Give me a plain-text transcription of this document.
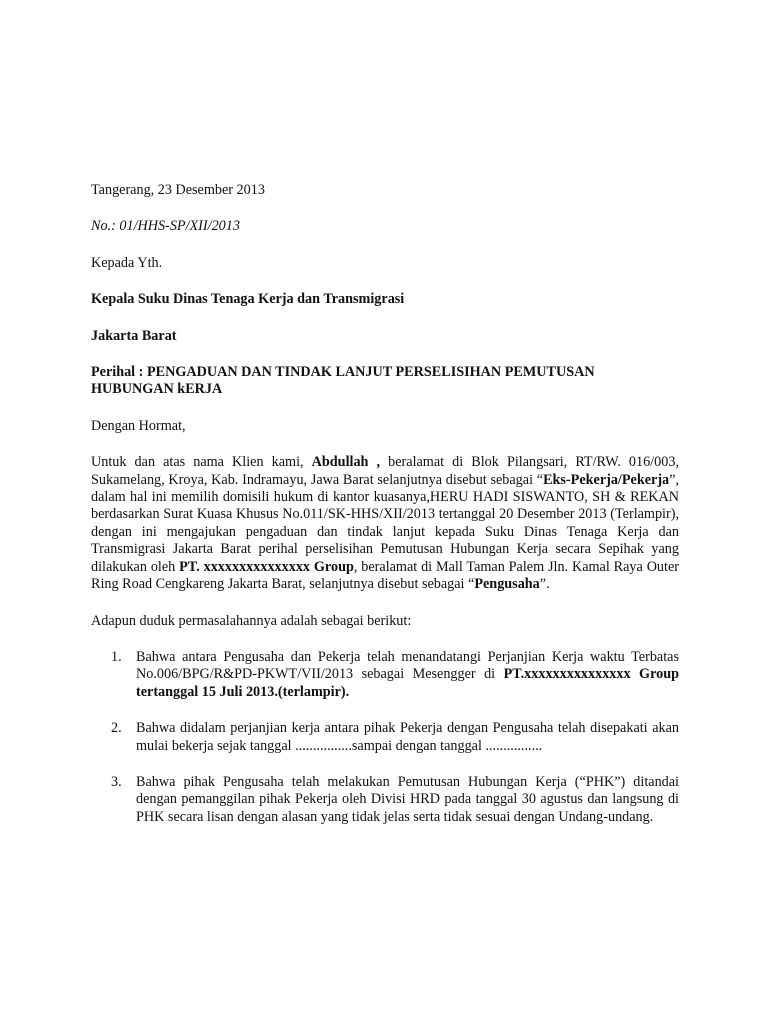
Tangerang, 23 Desember 2013

No.: 01/HHS-SP/XII/2013

Kepada Yth.

Kepala Suku Dinas Tenaga Kerja dan Transmigrasi

Jakarta Barat

Perihal : PENGADUAN DAN TINDAK LANJUT PERSELISIHAN PEMUTUSAN
HUBUNGAN kERJA

Dengan Hormat,

Untuk dan atas nama Klien kami, Abdullah , beralamat di Blok Pilangsari, RT/RW. 016/003, Sukamelang, Kroya, Kab. Indramayu, Jawa Barat selanjutnya disebut sebagai “Eks-Pekerja/Pekerja”, dalam hal ini memilih domisili hukum di kantor kuasanya,HERU HADI SISWANTO, SH & REKAN berdasarkan Surat Kuasa Khusus No.011/SK-HHS/XII/2013 tertanggal 20 Desember 2013 (Terlampir), dengan ini mengajukan pengaduan dan tindak lanjut kepada Suku Dinas Tenaga Kerja dan Transmigrasi Jakarta Barat perihal perselisihan Pemutusan Hubungan Kerja secara Sepihak yang dilakukan oleh PT. xxxxxxxxxxxxxxx Group, beralamat di Mall Taman Palem Jln. Kamal Raya Outer Ring Road Cengkareng Jakarta Barat, selanjutnya disebut sebagai “Pengusaha”.

Adapun duduk permasalahannya adalah sebagai berikut:

1. Bahwa antara Pengusaha dan Pekerja telah menandatangi Perjanjian Kerja waktu Terbatas No.006/BPG/R&PD-PKWT/VII/2013 sebagai Mesengger di PT.xxxxxxxxxxxxxxx Group tertanggal 15 Juli 2013.(terlampir).
2. Bahwa didalam perjanjian kerja antara pihak Pekerja dengan Pengusaha telah disepakati akan mulai bekerja sejak tanggal ................sampai dengan tanggal ................
3. Bahwa pihak Pengusaha telah melakukan Pemutusan Hubungan Kerja (“PHK”) ditandai dengan pemanggilan pihak Pekerja oleh Divisi HRD pada tanggal 30 agustus dan langsung di PHK secara lisan dengan alasan yang tidak jelas serta tidak sesuai dengan Undang-undang.
